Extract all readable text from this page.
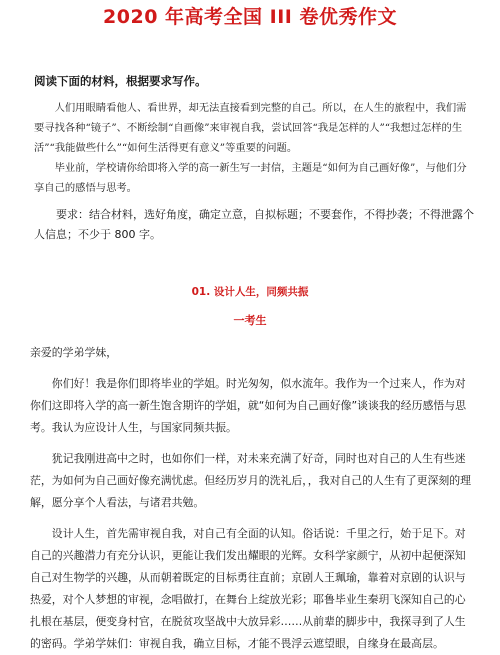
2020 年高考全国 III 卷优秀作文
阅读下面的材料，根据要求写作。

人们用眼睛看他人、看世界，却无法直接看到完整的自己。所以，在人生的旅程中，我们需要寻找各种“镜子”、不断绘制“自画像”来审视自我，尝试回答“我是怎样的人”“我想过怎样的生活”“我能做些什么”“如何生活得更有意义”等重要的问题。

毕业前，学校请你给即将入学的高一新生写一封信，主题是“如何为自己画好像”，与他们分享自己的感悟与思考。

要求：结合材料，选好角度，确定立意，自拟标题；不要套作，不得抄袭；不得泄露个人信息；不少于 800 字。

01. 设计人生，同频共振
一考生

亲爱的学弟学妹，

你们好！我是你们即将毕业的学姐。时光匆匆，似水流年。我作为一个过来人，作为对你们这即将入学的高一新生饱含期许的学姐，就“如何为自己画好像”谈谈我的经历感悟与思考。我认为应设计人生，与国家同频共振。

犹记我刚进高中之时，也如你们一样，对未来充满了好奇，同时也对自己的人生有些迷茫，为如何为自己画好像充满忧虑。但经历岁月的洗礼后，，我对自己的人生有了更深刻的理解，愿分享个人看法，与诸君共勉。

设计人生，首先需审视自我，对自己有全面的认知。俗话说：千里之行，始于足下。对自己的兴趣潜力有充分认识，更能让我们发出耀眼的光辉。女科学家颜宁，从初中起便深知自己对生物学的兴趣，从而朝着既定的目标勇往直前；京剧人王珮瑜，靠着对京剧的认识与热爱，对个人梦想的审视，念唱做打，在舞台上绽放光彩；耶鲁毕业生秦玥飞深知自己的心扎根在基层，便变身村官，在脱贫攻坚战中大放异彩……从前辈的脚步中，我探寻到了人生的密码。学弟学妹们：审视自我，确立目标，才能不畏浮云遮望眼，自缘身在最高层。
